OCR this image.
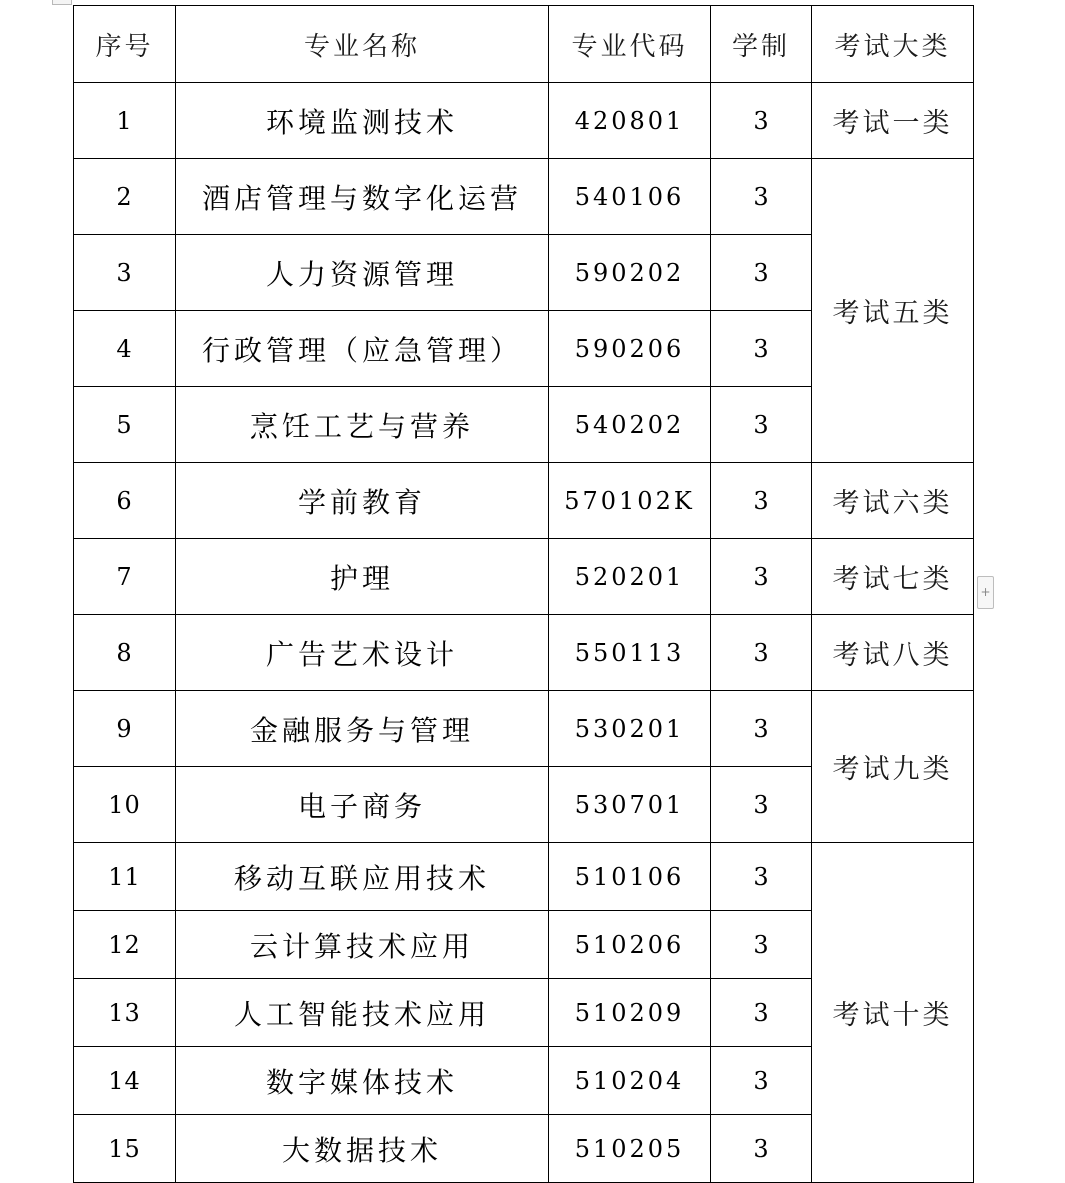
序号	专业名称	专业代码	学制	考试大类
1	环境监测技术	420801	3	考试一类
2	酒店管理与数字化运营	540106	3	考试五类
3	人力资源管理	590202	3	
4	行政管理（应急管理）	590206	3	
5	烹饪工艺与营养	540202	3	
6	学前教育	570102K	3	考试六类
7	护理	520201	3	考试七类
8	广告艺术设计	550113	3	考试八类
9	金融服务与管理	530201	3	考试九类
10	电子商务	530701	3	
11	移动互联应用技术	510106	3	考试十类
12	云计算技术应用	510206	3	
13	人工智能技术应用	510209	3	
14	数字媒体技术	510204	3	
15	大数据技术	510205	3	
+
